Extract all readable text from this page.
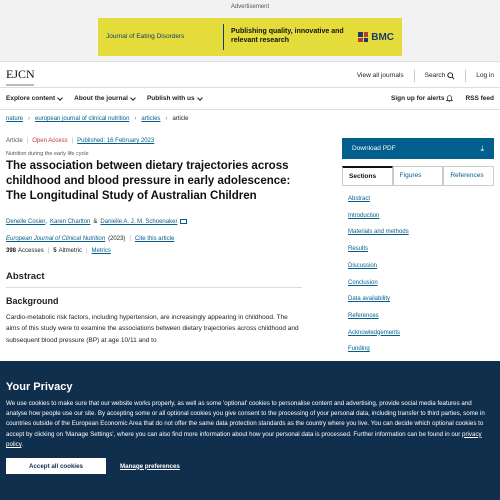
Advertisement
Journal of Eating Disorders
Publishing quality, innovative and relevant research	BMC
EJCN	View all journals	Search	Log in
Explore content	About the journal	Publish with us	Sign up for alerts	RSS feed
nature › european journal of clinical nutrition › articles › article
Article | Open Access | Published: 16 February 2023
Nutrition during the early life cycle
The association between dietary trajectories across childhood and blood pressure in early adolescence: The Longitudinal Study of Australian Children
Denelle Cosier , Karen Charlton & Danielle A. J. M. Schoenaker
European Journal of Clinical Nutrition (2023) | Cite this article
398 Accesses | 5 Altmetric | Metrics
Abstract
Background

Cardio-metabolic risk factors, including hypertension, are increasingly appearing in childhood. The aims of this study were to examine the associations between dietary trajectories across childhood and subsequent blood pressure (BP) at age 10/11 and to

Download PDF	⤓
Sections	Figures	References
Abstract
Introduction
Materials and methods
Results
Discussion
Conclusion
Data availability
References
Acknowledgements
Funding
Your Privacy

We use cookies to make sure that our website works properly, as well as some 'optional' cookies to personalise content and advertising, provide social media features and analyse how people use our site. By accepting some or all optional cookies you give consent to the processing of your personal data, including transfer to third parties, some in countries outside of the European Economic Area that do not offer the same data protection standards as the country where you live. You can decide which optional cookies to accept by clicking on 'Manage Settings', where you can also find more information about how your personal data is processed. Further information can be found in our privacy policy.

Accept all cookies	Manage preferences
